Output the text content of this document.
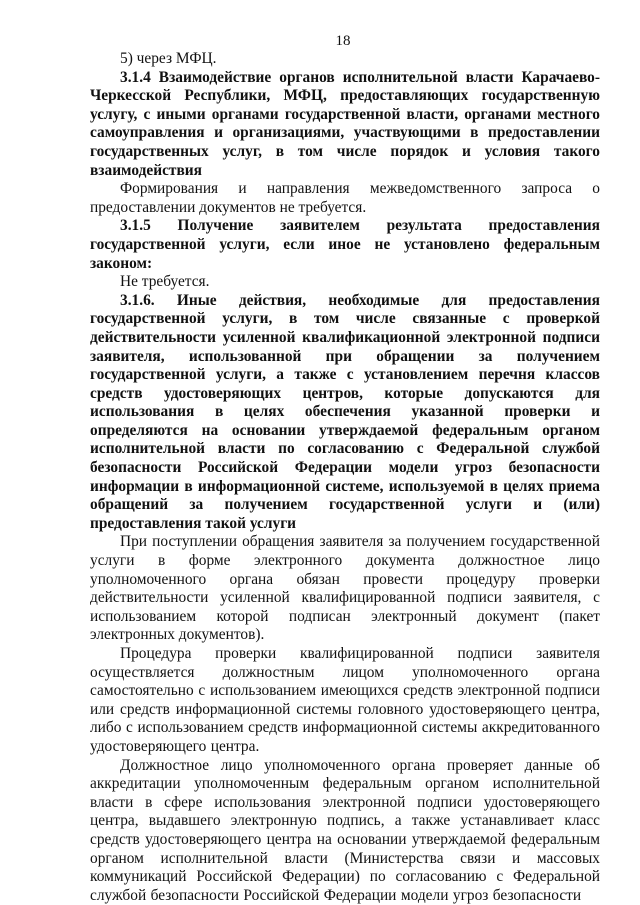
18

5) через МФЦ.

3.1.4 Взаимодействие органов исполнительной власти Карачаево-Черкесской Республики, МФЦ, предоставляющих государственную услугу, с иными органами государственной власти, органами местного самоуправления и организациями, участвующими в предоставлении государственных услуг, в том числе порядок и условия такого взаимодействия

Формирования и направления межведомственного запроса о предоставлении документов не требуется.

3.1.5 Получение заявителем результата предоставления государственной услуги, если иное не установлено федеральным законом:

Не требуется.

3.1.6. Иные действия, необходимые для предоставления государственной услуги, в том числе связанные с проверкой действительности усиленной квалификационной электронной подписи заявителя, использованной при обращении за получением государственной услуги, а также с установлением перечня классов средств удостоверяющих центров, которые допускаются для использования в целях обеспечения указанной проверки и определяются на основании утверждаемой федеральным органом исполнительной власти по согласованию с Федеральной службой безопасности Российской Федерации модели угроз безопасности информации в информационной системе, используемой в целях приема обращений за получением государственной услуги и (или) предоставления такой услуги

При поступлении обращения заявителя за получением государственной услуги в форме электронного документа должностное лицо уполномоченного органа обязан провести процедуру проверки действительности усиленной квалифицированной подписи заявителя, с использованием которой подписан электронный документ (пакет электронных документов).

Процедура проверки квалифицированной подписи заявителя осуществляется должностным лицом уполномоченного органа самостоятельно с использованием имеющихся средств электронной подписи или средств информационной системы головного удостоверяющего центра, либо с использованием средств информационной системы аккредитованного удостоверяющего центра.

Должностное лицо уполномоченного органа проверяет данные об аккредитации уполномоченным федеральным органом исполнительной власти в сфере использования электронной подписи удостоверяющего центра, выдавшего электронную подпись, а также устанавливает класс средств удостоверяющего центра на основании утверждаемой федеральным органом исполнительной власти (Министерства связи и массовых коммуникаций Российской Федерации) по согласованию с Федеральной службой безопасности Российской Федерации модели угроз безопасности
